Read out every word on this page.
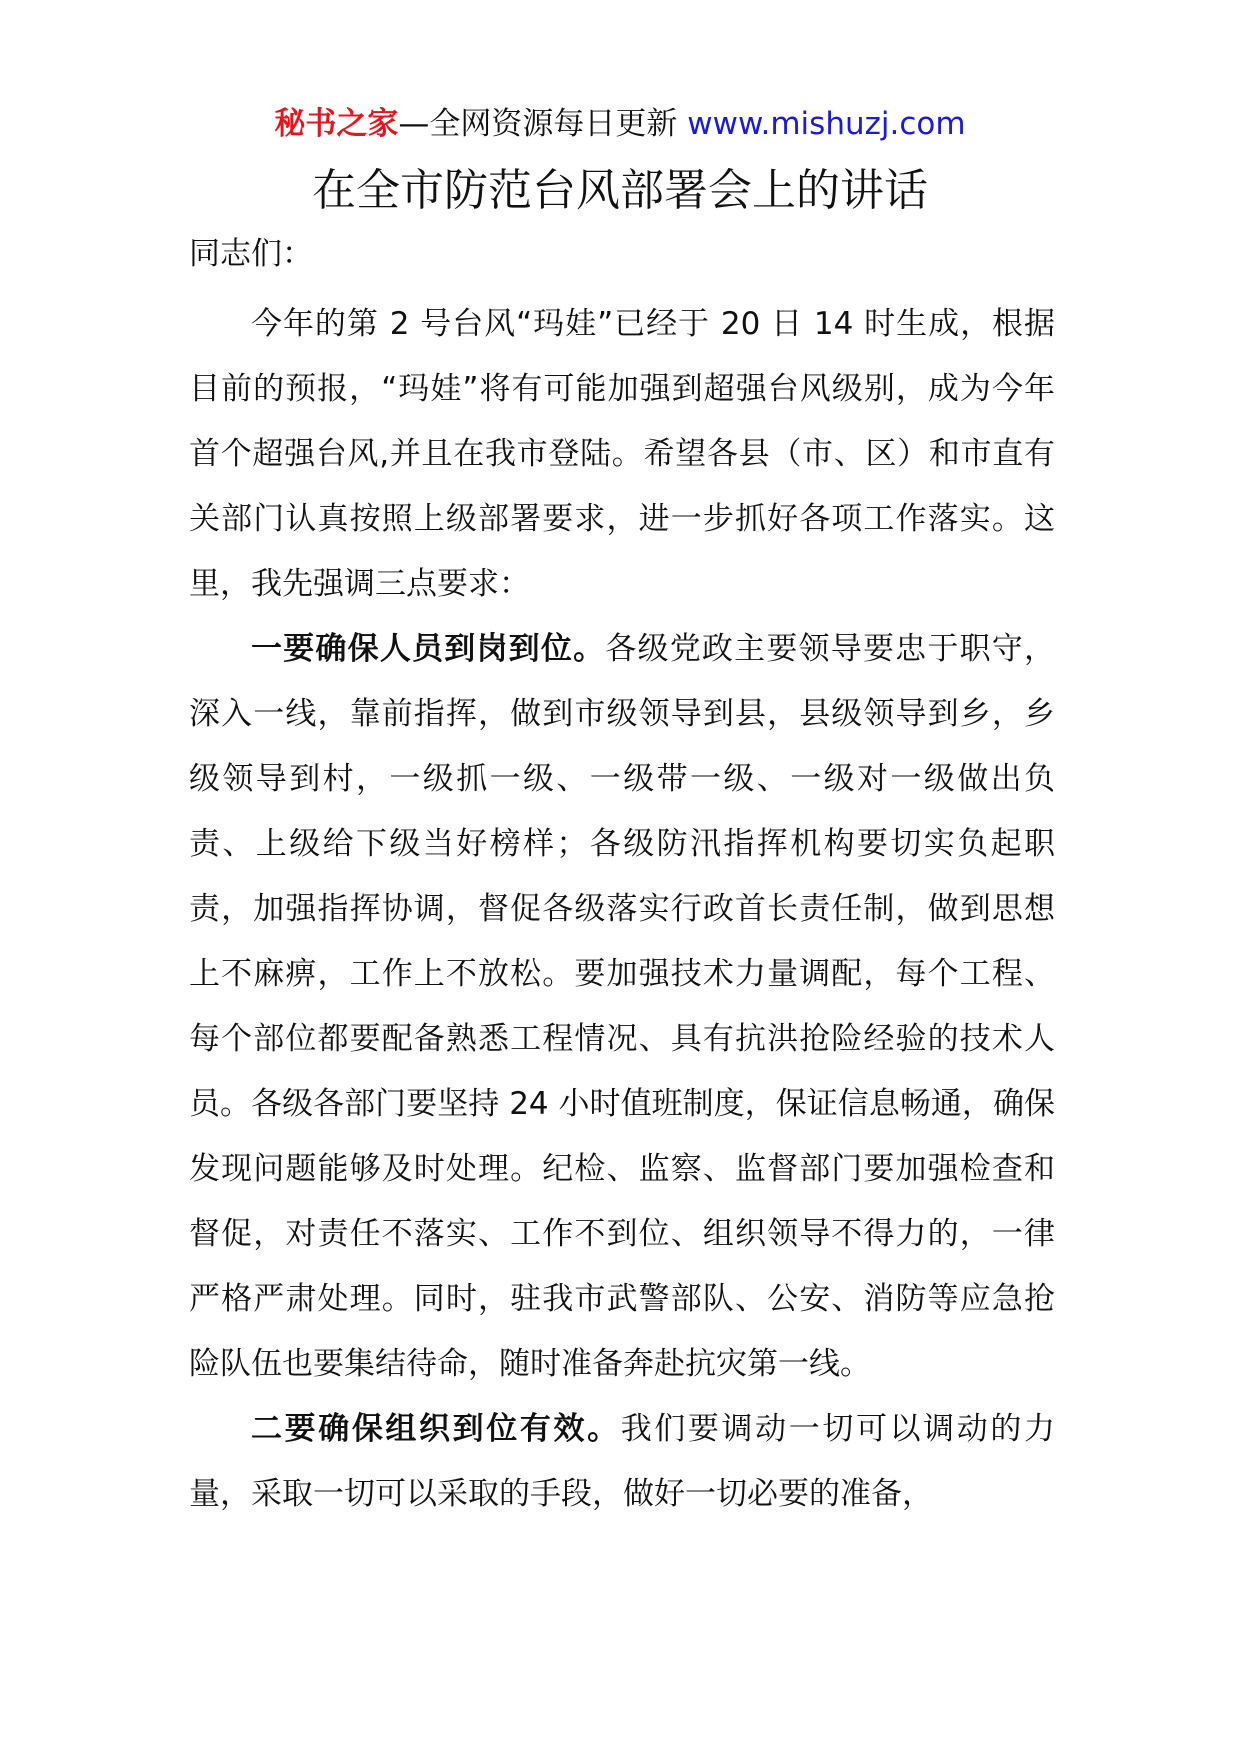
秘书之家—全网资源每日更新 www.mishuzj.com
在全市防范台风部署会上的讲话

同志们：

今年的第 2 号台风“玛娃”已经于 20 日 14 时生成，根据目前的预报，“玛娃”将有可能加强到超强台风级别，成为今年首个超强台风,并且在我市登陆。希望各县（市、区）和市直有关部门认真按照上级部署要求，进一步抓好各项工作落实。这里，我先强调三点要求：

一要确保人员到岗到位。各级党政主要领导要忠于职守，深入一线，靠前指挥，做到市级领导到县，县级领导到乡，乡级领导到村，一级抓一级、一级带一级、一级对一级做出负责、上级给下级当好榜样；各级防汛指挥机构要切实负起职责，加强指挥协调，督促各级落实行政首长责任制，做到思想上不麻痹，工作上不放松。要加强技术力量调配，每个工程、每个部位都要配备熟悉工程情况、具有抗洪抢险经验的技术人员。各级各部门要坚持 24 小时值班制度，保证信息畅通，确保发现问题能够及时处理。纪检、监察、监督部门要加强检查和督促，对责任不落实、工作不到位、组织领导不得力的，一律严格严肃处理。同时，驻我市武警部队、公安、消防等应急抢险队伍也要集结待命，随时准备奔赴抗灾第一线。

二要确保组织到位有效。我们要调动一切可以调动的力量，采取一切可以采取的手段，做好一切必要的准备，
